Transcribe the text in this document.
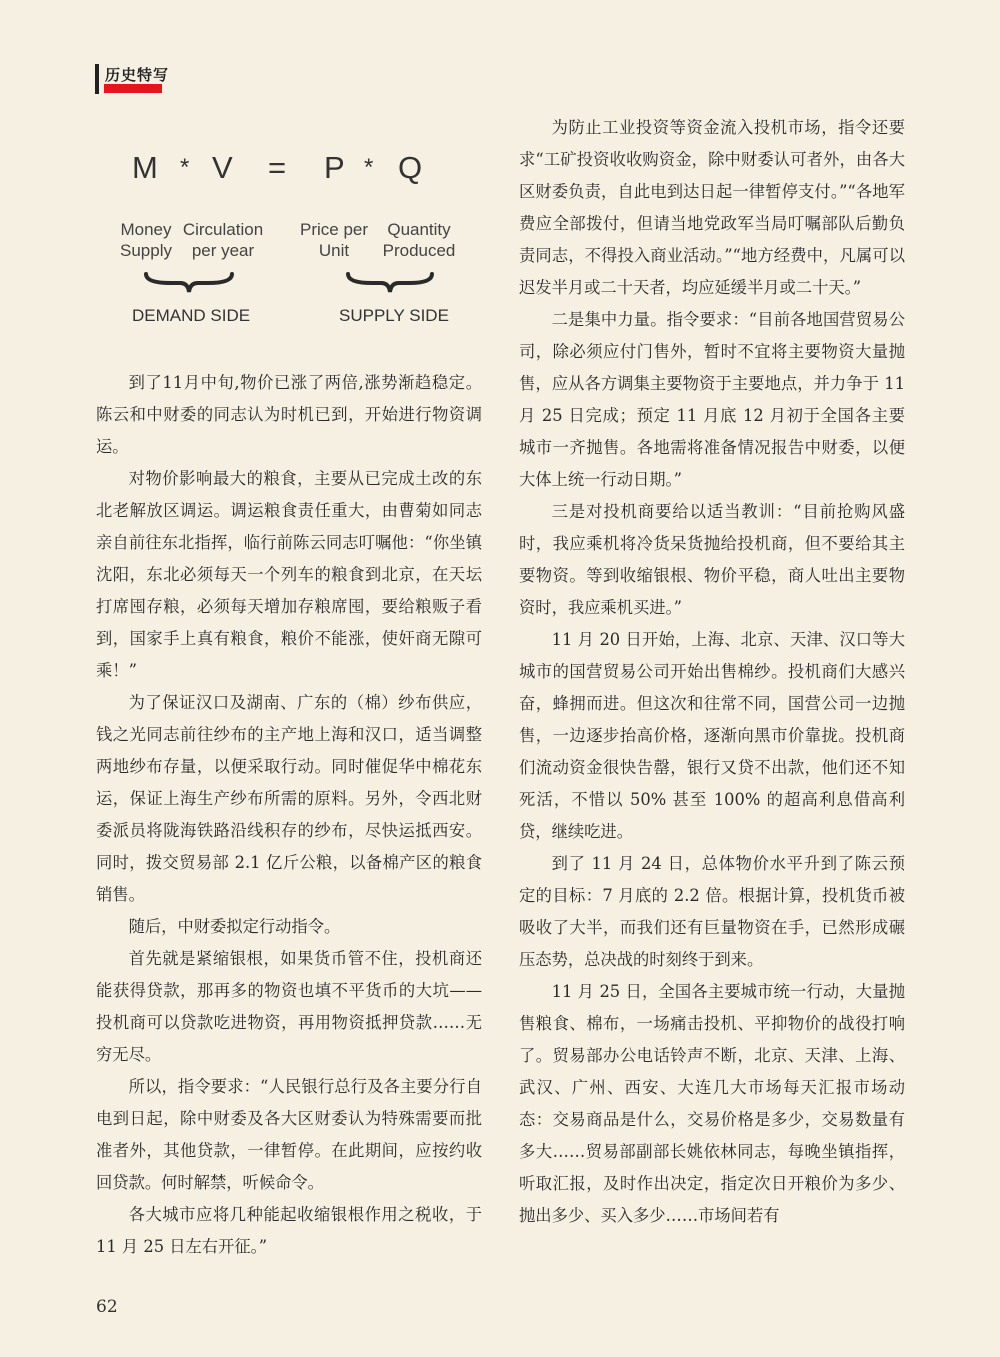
历史特写
M * V = P * Q
Money
Supply
Circulation
per year
Price per
Unit
Quantity
Produced
DEMAND SIDE	SUPPLY SIDE

到了11月中旬,物价已涨了两倍,涨势渐趋稳定。陈云和中财委的同志认为时机已到，开始进行物资调运。

对物价影响最大的粮食，主要从已完成土改的东北老解放区调运。调运粮食责任重大，由曹菊如同志亲自前往东北指挥，临行前陈云同志叮嘱他：“你坐镇沈阳，东北必须每天一个列车的粮食到北京，在天坛打席囤存粮，必须每天增加存粮席囤，要给粮贩子看到，国家手上真有粮食，粮价不能涨，使奸商无隙可乘！”

为了保证汉口及湖南、广东的（棉）纱布供应，钱之光同志前往纱布的主产地上海和汉口，适当调整两地纱布存量，以便采取行动。同时催促华中棉花东运，保证上海生产纱布所需的原料。另外，令西北财委派员将陇海铁路沿线积存的纱布，尽快运抵西安。同时，拨交贸易部 2.1 亿斤公粮，以备棉产区的粮食销售。

随后，中财委拟定行动指令。

首先就是紧缩银根，如果货币管不住，投机商还能获得贷款，那再多的物资也填不平货币的大坑——投机商可以贷款吃进物资，再用物资抵押贷款……无穷无尽。

所以，指令要求：“人民银行总行及各主要分行自电到日起，除中财委及各大区财委认为特殊需要而批准者外，其他贷款，一律暂停。在此期间，应按约收回贷款。何时解禁，听候命令。

各大城市应将几种能起收缩银根作用之税收，于 11 月 25 日左右开征。”

为防止工业投资等资金流入投机市场，指令还要求“工矿投资收收购资金，除中财委认可者外，由各大区财委负责，自此电到达日起一律暂停支付。”“各地军费应全部拨付，但请当地党政军当局叮嘱部队后勤负责同志，不得投入商业活动。”“地方经费中，凡属可以迟发半月或二十天者，均应延缓半月或二十天。”

二是集中力量。指令要求：“目前各地国营贸易公司，除必须应付门售外，暂时不宜将主要物资大量抛售，应从各方调集主要物资于主要地点，并力争于 11 月 25 日完成；预定 11 月底 12 月初于全国各主要城市一齐抛售。各地需将准备情况报告中财委，以便大体上统一行动日期。”

三是对投机商要给以适当教训：“目前抢购风盛时，我应乘机将冷货呆货抛给投机商，但不要给其主要物资。等到收缩银根、物价平稳，商人吐出主要物资时，我应乘机买进。”

11 月 20 日开始，上海、北京、天津、汉口等大城市的国营贸易公司开始出售棉纱。投机商们大感兴奋，蜂拥而进。但这次和往常不同，国营公司一边抛售，一边逐步抬高价格，逐渐向黑市价靠拢。投机商们流动资金很快告罄，银行又贷不出款，他们还不知死活，不惜以 50% 甚至 100% 的超高利息借高利贷，继续吃进。

到了 11 月 24 日，总体物价水平升到了陈云预定的目标：7 月底的 2.2 倍。根据计算，投机货币被吸收了大半，而我们还有巨量物资在手，已然形成碾压态势，总决战的时刻终于到来。

11 月 25 日，全国各主要城市统一行动，大量抛售粮食、棉布，一场痛击投机、平抑物价的战役打响了。贸易部办公电话铃声不断，北京、天津、上海、武汉、广州、西安、大连几大市场每天汇报市场动态：交易商品是什么，交易价格是多少，交易数量有多大……贸易部副部长姚依林同志，每晚坐镇指挥，听取汇报，及时作出决定，指定次日开粮价为多少、抛出多少、买入多少……市场间若有

62
